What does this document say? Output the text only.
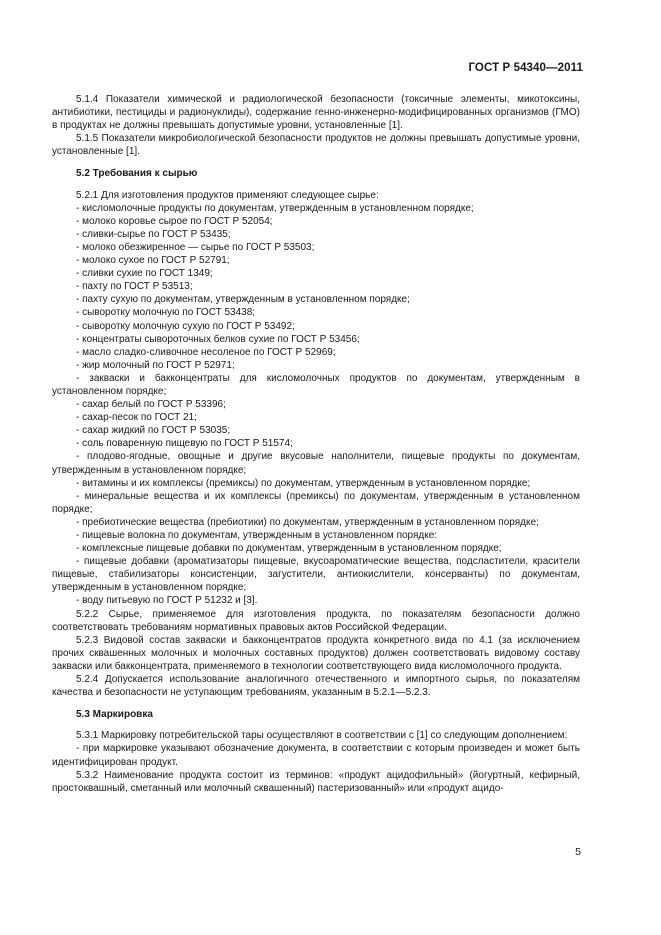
ГОСТ Р 54340—2011

5.1.4 Показатели химической и радиологической безопасности (токсичные элементы, микотоксины, антибиотики, пестициды и радионуклиды), содержание генно-инженерно-модифицированных организмов (ГМО) в продуктах не должны превышать допустимые уровни, установленные [1].

5.1.5 Показатели микробиологической безопасности продуктов не должны превышать допустимые уровни, установленные [1].

5.2 Требования к сырью

5.2.1 Для изготовления продуктов применяют следующее сырье:

- кисломолочные продукты по документам, утвержденным в установленном порядке;

- молоко коровье сырое по ГОСТ Р 52054;

- сливки-сырье по ГОСТ Р 53435;

- молоко обезжиренное — сырье по ГОСТ Р 53503;

- молоко сухое по ГОСТ Р 52791;

- сливки сухие по ГОСТ 1349;

- пахту по ГОСТ Р 53513;

- пахту сухую по документам, утвержденным в установленном порядке;

- сыворотку молочную по ГОСТ 53438;

- сыворотку молочную сухую по ГОСТ Р 53492;

- концентраты сывороточных белков сухие по ГОСТ Р 53456;

- масло сладко-сливочное несоленое по ГОСТ Р 52969;

- жир молочный по ГОСТ Р 52971;

- закваски и бакконцентраты для кисломолочных продуктов по документам, утвержденным в установленном порядке;

- сахар белый по ГОСТ Р 53396;

- сахар-песок по ГОСТ 21;

- сахар жидкий по ГОСТ Р 53035;

- соль поваренную пищевую по ГОСТ Р 51574;

- плодово-ягодные, овощные и другие вкусовые наполнители, пищевые продукты по документам, утвержденным в установленном порядке;

- витамины и их комплексы (премиксы) по документам, утвержденным в установленном порядке;

- минеральные вещества и их комплексы (премиксы) по документам, утвержденным в установленном порядке;

- пребиотические вещества (пребиотики) по документам, утвержденным в установленном порядке;

- пищевые волокна по документам, утвержденным в установленном порядке:

- комплексные пищевые добавки по документам, утвержденным в установленном порядке;

- пищевые добавки (ароматизаторы пищевые, вкусоароматические вещества, подсластители, красители пищевые, стабилизаторы консистенции, загустители, антиокислители, консерванты) по документам, утвержденным в установленном порядке;

- воду питьевую по ГОСТ Р 51232 и [3].

5.2.2 Сырье, применяемое для изготовления продукта, по показателям безопасности должно соответствовать требованиям нормативных правовых актов Российской Федерации.

5.2.3 Видовой состав закваски и бакконцентратов продукта конкретного вида по 4.1 (за исключением прочих сквашенных молочных и молочных составных продуктов) должен соответствовать видовому составу закваски или бакконцентрата, применяемого в технологии соответствующего вида кисломолочного продукта.

5.2.4 Допускается использование аналогичного отечественного и импортного сырья, по показателям качества и безопасности не уступающим требованиям, указанным в 5.2.1—5.2.3.

5.3 Маркировка

5.3.1 Маркировку потребительской тары осуществляют в соответствии с [1] со следующим дополнением:

- при маркировке указывают обозначение документа, в соответствии с которым произведен и может быть идентифицирован продукт.

5.3.2 Наименование продукта состоит из терминов: «продукт ацидофильный» (йогуртный, кефирный, простоквашный, сметанный или молочный сквашенный) пастеризованный» или «продукт ацидо-

5
